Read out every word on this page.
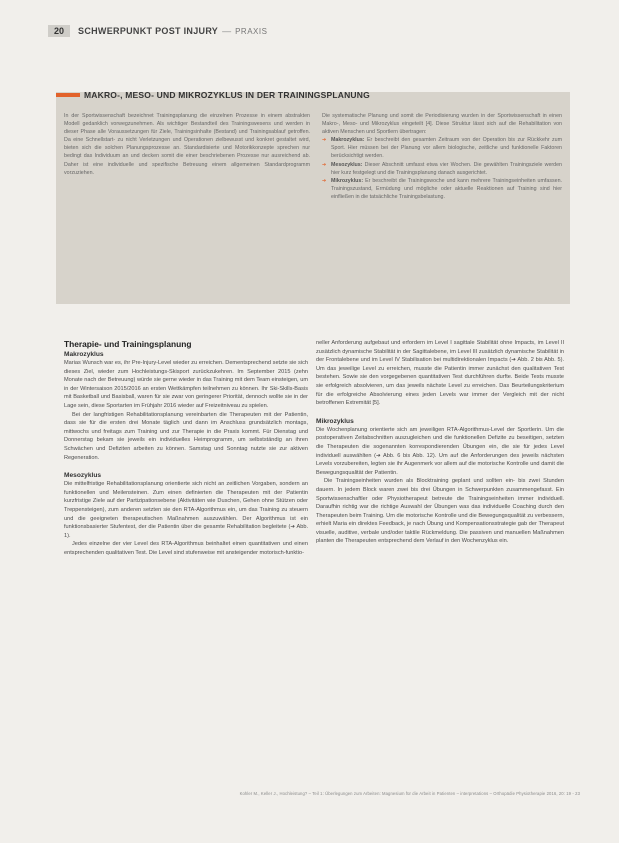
20	SCHWERPUNKT POST INJURY — PRAXIS
MAKRO-, MESO- UND MIKROZYKLUS IN DER TRAININGSPLANUNG
In der Sportwissenschaft bezeichnet Trainingsplanung die einzelnen Prozesse in einem abstrakten Modell gedanklich vorwegzunehmen. Als wichtiger Bestandteil des Trainingswesens und werden in dieser Phase alle Voraussetzungen für Ziele, Trainingsinhalte (Bestand) und Trainingsablauf getroffen. Da eine Schnellstart- zu nicht Verletzungen und Operationen zielbewusst und konkret gestaltet wird, bieten sich die solchen Planungsprozesse an. Standardisierte und Motorikkonzepte sprechen nur bedingt das Individuum an und decken somit die einer beschriebenen Prozesse nur ausreichend ab. Daher ist eine individuelle und spezifische Betreuung einem allgemeinen Standardprogramm vorzuziehen.
Die systematische Planung und somit die Periodisierung wurden in der Sportwissenschaft in einen Makro-, Meso- und Mikrozyklus eingeteilt [4]. Diese Struktur lässt sich auf die Rehabilitation von aktiven Menschen und Sportlern übertragen:
➔ Makrozyklus: Er beschreibt den gesamten Zeitraum von der Operation bis zur Rückkehr zum Sport. Hier müssen bei der Planung vor allem biologische, zeitliche und funktionelle Faktoren berücksichtigt werden.
➔ Mesozyklus: Dieser Abschnitt umfasst etwa vier Wochen. Die gewählten Trainingsziele werden hier kurz festgelegt und die Trainingsplanung danach ausgerichtet.
➔ Mikrozyklus: Er beschreibt die Trainingswoche und kann mehrere Trainingseinheiten umfassen. Trainingszustand, Ermüdung und mögliche oder aktuelle Reaktionen auf Training sind hier einfließen in die tatsächliche Trainingsbelastung.
Therapie- und Trainingsplanung
Makrozyklus

Marias Wunsch war es, ihr Pre-Injury-Level wieder zu erreichen. Dementsprechend setzte sie sich dieses Ziel, wieder zum Hochleistungs-Skisport zurückzukehren. Im September 2015 (zehn Monate nach der Betreuung) würde sie gerne wieder in das Training mit dem Team einsteigen, um in der Wintersaison 2015/2016 an ersten Wettkämpfen teilnehmen zu können. Ihr Ski-Skills-Basis mit Basketball und Basisball, waren für sie zwar von geringerer Priorität, dennoch wollte sie in der Lage sein, diese Sportarten im Frühjahr 2016 wieder auf Freizeitniveau zu spielen.

Bei der langfristigen Rehabilitationsplanung vereinbarten die Therapeuten mit der Patientin, dass sie für die ersten drei Monate täglich und dann im Anschluss grundsätzlich montags, mittwochs und freitags zum Training und zur Therapie in die Praxis kommt. Für Dienstag und Donnerstag bekam sie jeweils ein individuelles Heimprogramm, um selbstständig an ihren Schwächen und Defiziten arbeiten zu können. Samstag und Sonntag nutzte sie zur aktiven Regeneration.

Mesozyklus

Die mittelfristige Rehabilitationsplanung orientierte sich nicht an zeitlichen Vorgaben, sondern an funktionellen und Meilensteinen. Zum einen definierten die Therapeuten mit der Patientin kurzfristige Ziele auf der Partizipationsebene (Aktivitäten wie Duschen, Gehen ohne Stützen oder Treppensteigen), zum anderen setzten sie den RTA-Algorithmus ein, um das Training zu steuern und die geeigneten therapeutischen Maßnahmen auszuwählen. Der Algorithmus ist ein funktionsbasierter Stufentest, der die Patientin über die gesamte Rehabilitation begleitete (➔ Abb. 1).

Jedes einzelne der vier Level des RTA-Algorithmus beinhaltet einen quantitativen und einen entsprechenden qualitativen Test. Die Level sind stufenweise mit ansteigender motorisch-funktio-

neller Anforderung aufgebaut und erfordern im Level I sagittale Stabilität ohne Impacts, im Level II zusätzlich dynamische Stabilität in der Sagittalebene, im Level III zusätzlich dynamische Stabilität in der Frontalebene und im Level IV Stabilisation bei multidirektionalen Impacts (➔ Abb. 2 bis Abb. 5). Um das jeweilige Level zu erreichen, musste die Patientin immer zunächst den qualitativen Test bestehen. Sowie sie den vorgegebenen quantitativen Test durchführen durfte. Beide Tests musste sie erfolgreich absolvieren, um das jeweils nächste Level zu erreichen. Das Beurteilungskriterium für die erfolgreiche Absolvierung eines jeden Levels war immer der Vergleich mit der nicht betroffenen Extremität [5].

Mikrozyklus

Die Wochenplanung orientierte sich am jeweiligen RTA-Algorithmus-Level der Sportlerin. Um die postoperativen Zeitabschnitten auszugleichen und die funktionellen Defizite zu beseitigen, setzten die Therapeuten die sogenannten korrespondierenden Übungen ein, die sie für jedes Level individuell auswählten (➔ Abb. 6 bis Abb. 12). Um auf die Anforderungen des jeweils nächsten Levels vorzubereiten, legten sie ihr Augenmerk vor allem auf die motorische Kontrolle und damit die Bewegungsqualität der Patientin.

Die Trainingseinheiten wurden als Blocktraining geplant und sollten ein- bis zwei Stunden dauern. In jedem Block waren zwei bis drei Übungen in Schwerpunkten zusammengefasst. Ein Sportwissenschaftler oder Physiotherapeut betreute die Trainingseinheiten immer individuell. Daraufhin richtig war die richtige Auswahl der Übungen was das individuelle Coaching durch den Therapeuten beim Training. Um die motorische Kontrolle und die Bewegungsqualität zu verbessern, erhielt Maria ein direktes Feedback, je nach Übung und Kompensationsstrategie gab der Therapeut visuelle, auditive, verbale und/oder taktile Rückmeldung. Die passiven und manuellen Maßnahmen planten die Therapeuten entsprechend dem Verlauf in den Wochenzyklus ein.

Kohler M., Keller J., Hochleistung? – Teil 1: Überlegungen zum Arbeiten: Magnesium für die Arbeit in Patienten – interpretations – Orthopädie Physiotherapie 2016, 20: 19 - 23
